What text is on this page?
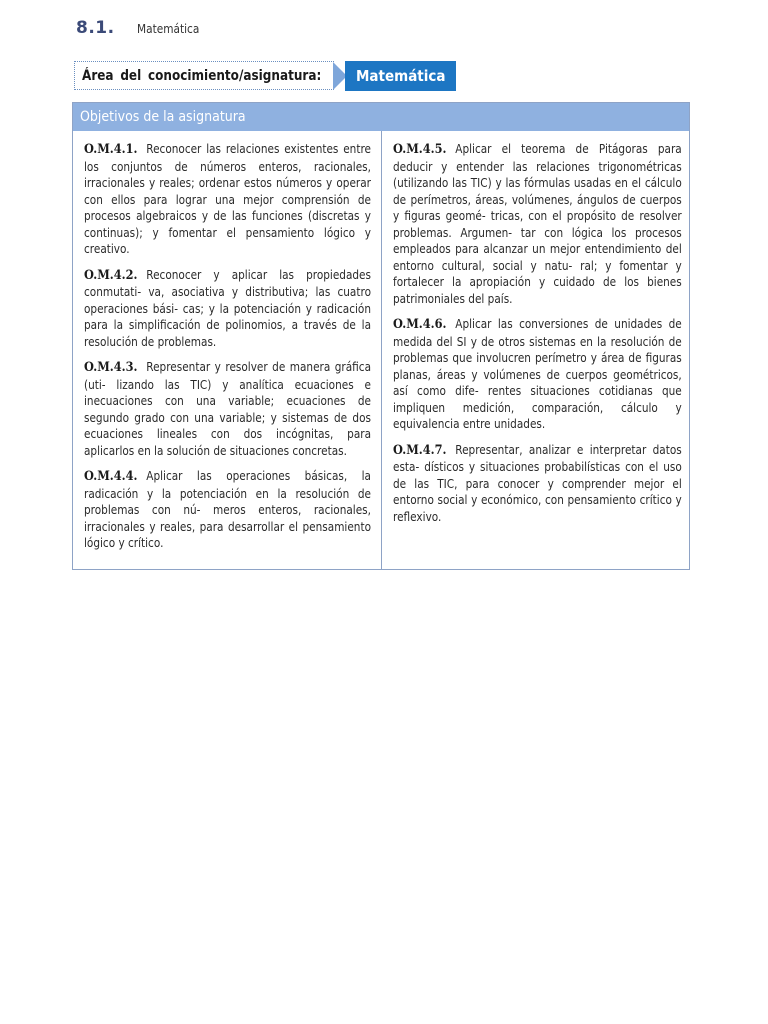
8.1. Matemática
Área del conocimiento/asignatura: Matemática
Objetivos de la asignatura

O.M.4.1. Reconocer las relaciones existentes entre los conjuntos de números enteros, racionales, irracionales y reales; ordenar estos números y operar con ellos para lograr una mejor comprensión de procesos algebraicos y de las funciones (discretas y continuas); y fomentar el pensamiento lógico y creativo.

O.M.4.2. Reconocer y aplicar las propiedades conmutati- va, asociativa y distributiva; las cuatro operaciones bási- cas; y la potenciación y radicación para la simplificación de polinomios, a través de la resolución de problemas.

O.M.4.3. Representar y resolver de manera gráfica (uti- lizando las TIC) y analítica ecuaciones e inecuaciones con una variable; ecuaciones de segundo grado con una variable; y sistemas de dos ecuaciones lineales con dos incógnitas, para aplicarlos en la solución de situaciones concretas.

O.M.4.4. Aplicar las operaciones básicas, la radicación y la potenciación en la resolución de problemas con nú- meros enteros, racionales, irracionales y reales, para desarrollar el pensamiento lógico y crítico.

O.M.4.5. Aplicar el teorema de Pitágoras para deducir y entender las relaciones trigonométricas (utilizando las TIC) y las fórmulas usadas en el cálculo de perímetros, áreas, volúmenes, ángulos de cuerpos y figuras geomé- tricas, con el propósito de resolver problemas. Argumen- tar con lógica los procesos empleados para alcanzar un mejor entendimiento del entorno cultural, social y natu- ral; y fomentar y fortalecer la apropiación y cuidado de los bienes patrimoniales del país.

O.M.4.6. Aplicar las conversiones de unidades de medida del SI y de otros sistemas en la resolución de problemas que involucren perímetro y área de figuras planas, áreas y volúmenes de cuerpos geométricos, así como dife- rentes situaciones cotidianas que impliquen medición, comparación, cálculo y equivalencia entre unidades.

O.M.4.7. Representar, analizar e interpretar datos esta- dísticos y situaciones probabilísticas con el uso de las TIC, para conocer y comprender mejor el entorno social y económico, con pensamiento crítico y reflexivo.
